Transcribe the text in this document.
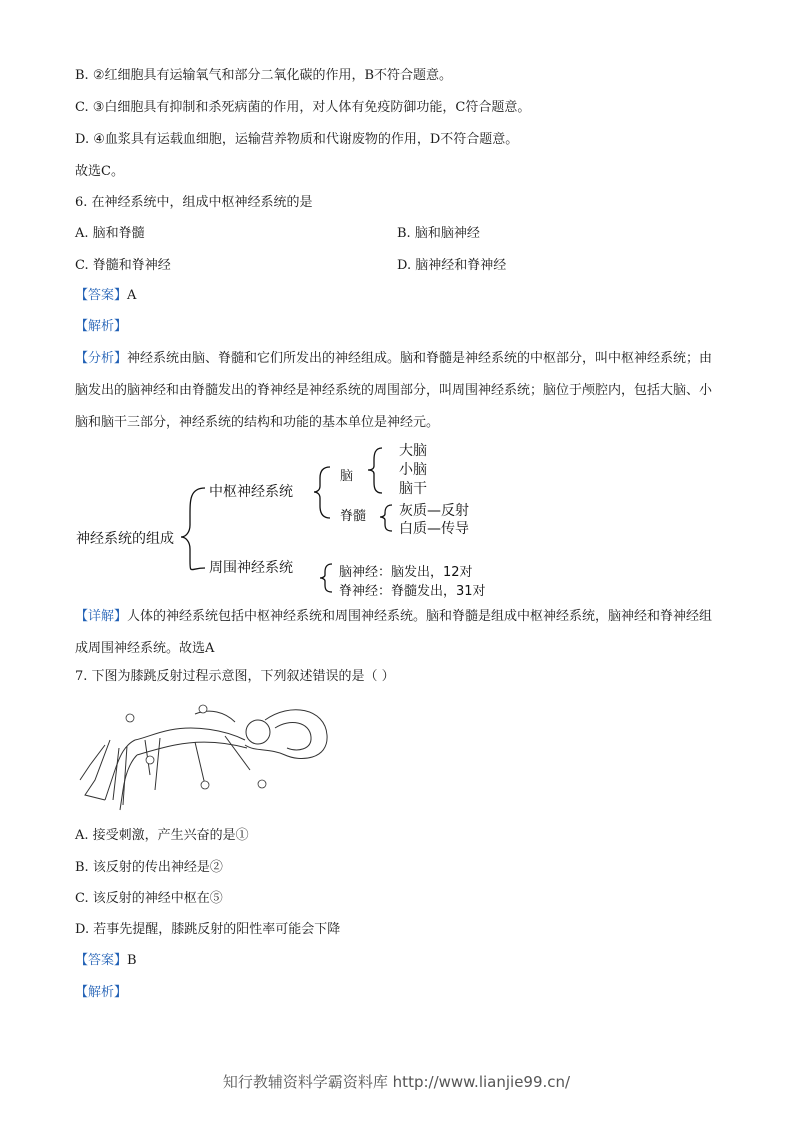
B. ②红细胞具有运输氧气和部分二氧化碳的作用，B不符合题意。
C. ③白细胞具有抑制和杀死病菌的作用，对人体有免疫防御功能，C符合题意。
D. ④血浆具有运载血细胞，运输营养物质和代谢废物的作用，D不符合题意。
故选C。
6. 在神经系统中，组成中枢神经系统的是
A. 脑和脊髓	B. 脑和脑神经
C. 脊髓和脊神经	D. 脑神经和脊神经
【答案】A
【解析】
【分析】神经系统由脑、脊髓和它们所发出的神经组成。脑和脊髓是神经系统的中枢部分，叫中枢神经系统；由脑发出的脑神经和由脊髓发出的脊神经是神经系统的周围部分，叫周围神经系统；脑位于颅腔内，包括大脑、小脑和脑干三部分，神经系统的结构和功能的基本单位是神经元。
神经系统的组成
中枢神经系统
周围神经系统
脑
脊髓
大脑
小脑
脑干
灰质—反射
白质—传导
脑神经：脑发出，12对
脊神经：脊髓发出，31对
【详解】人体的神经系统包括中枢神经系统和周围神经系统。脑和脊髓是组成中枢神经系统，脑神经和脊神经组成周围神经系统。故选A
7. 下图为膝跳反射过程示意图，下列叙述错误的是（ ）
A. 接受刺激，产生兴奋的是①
B. 该反射的传出神经是②
C. 该反射的神经中枢在⑤
D. 若事先提醒，膝跳反射的阳性率可能会下降
【答案】B
【解析】
知行教辅资料学霸资料库 http://www.lianjie99.cn/
